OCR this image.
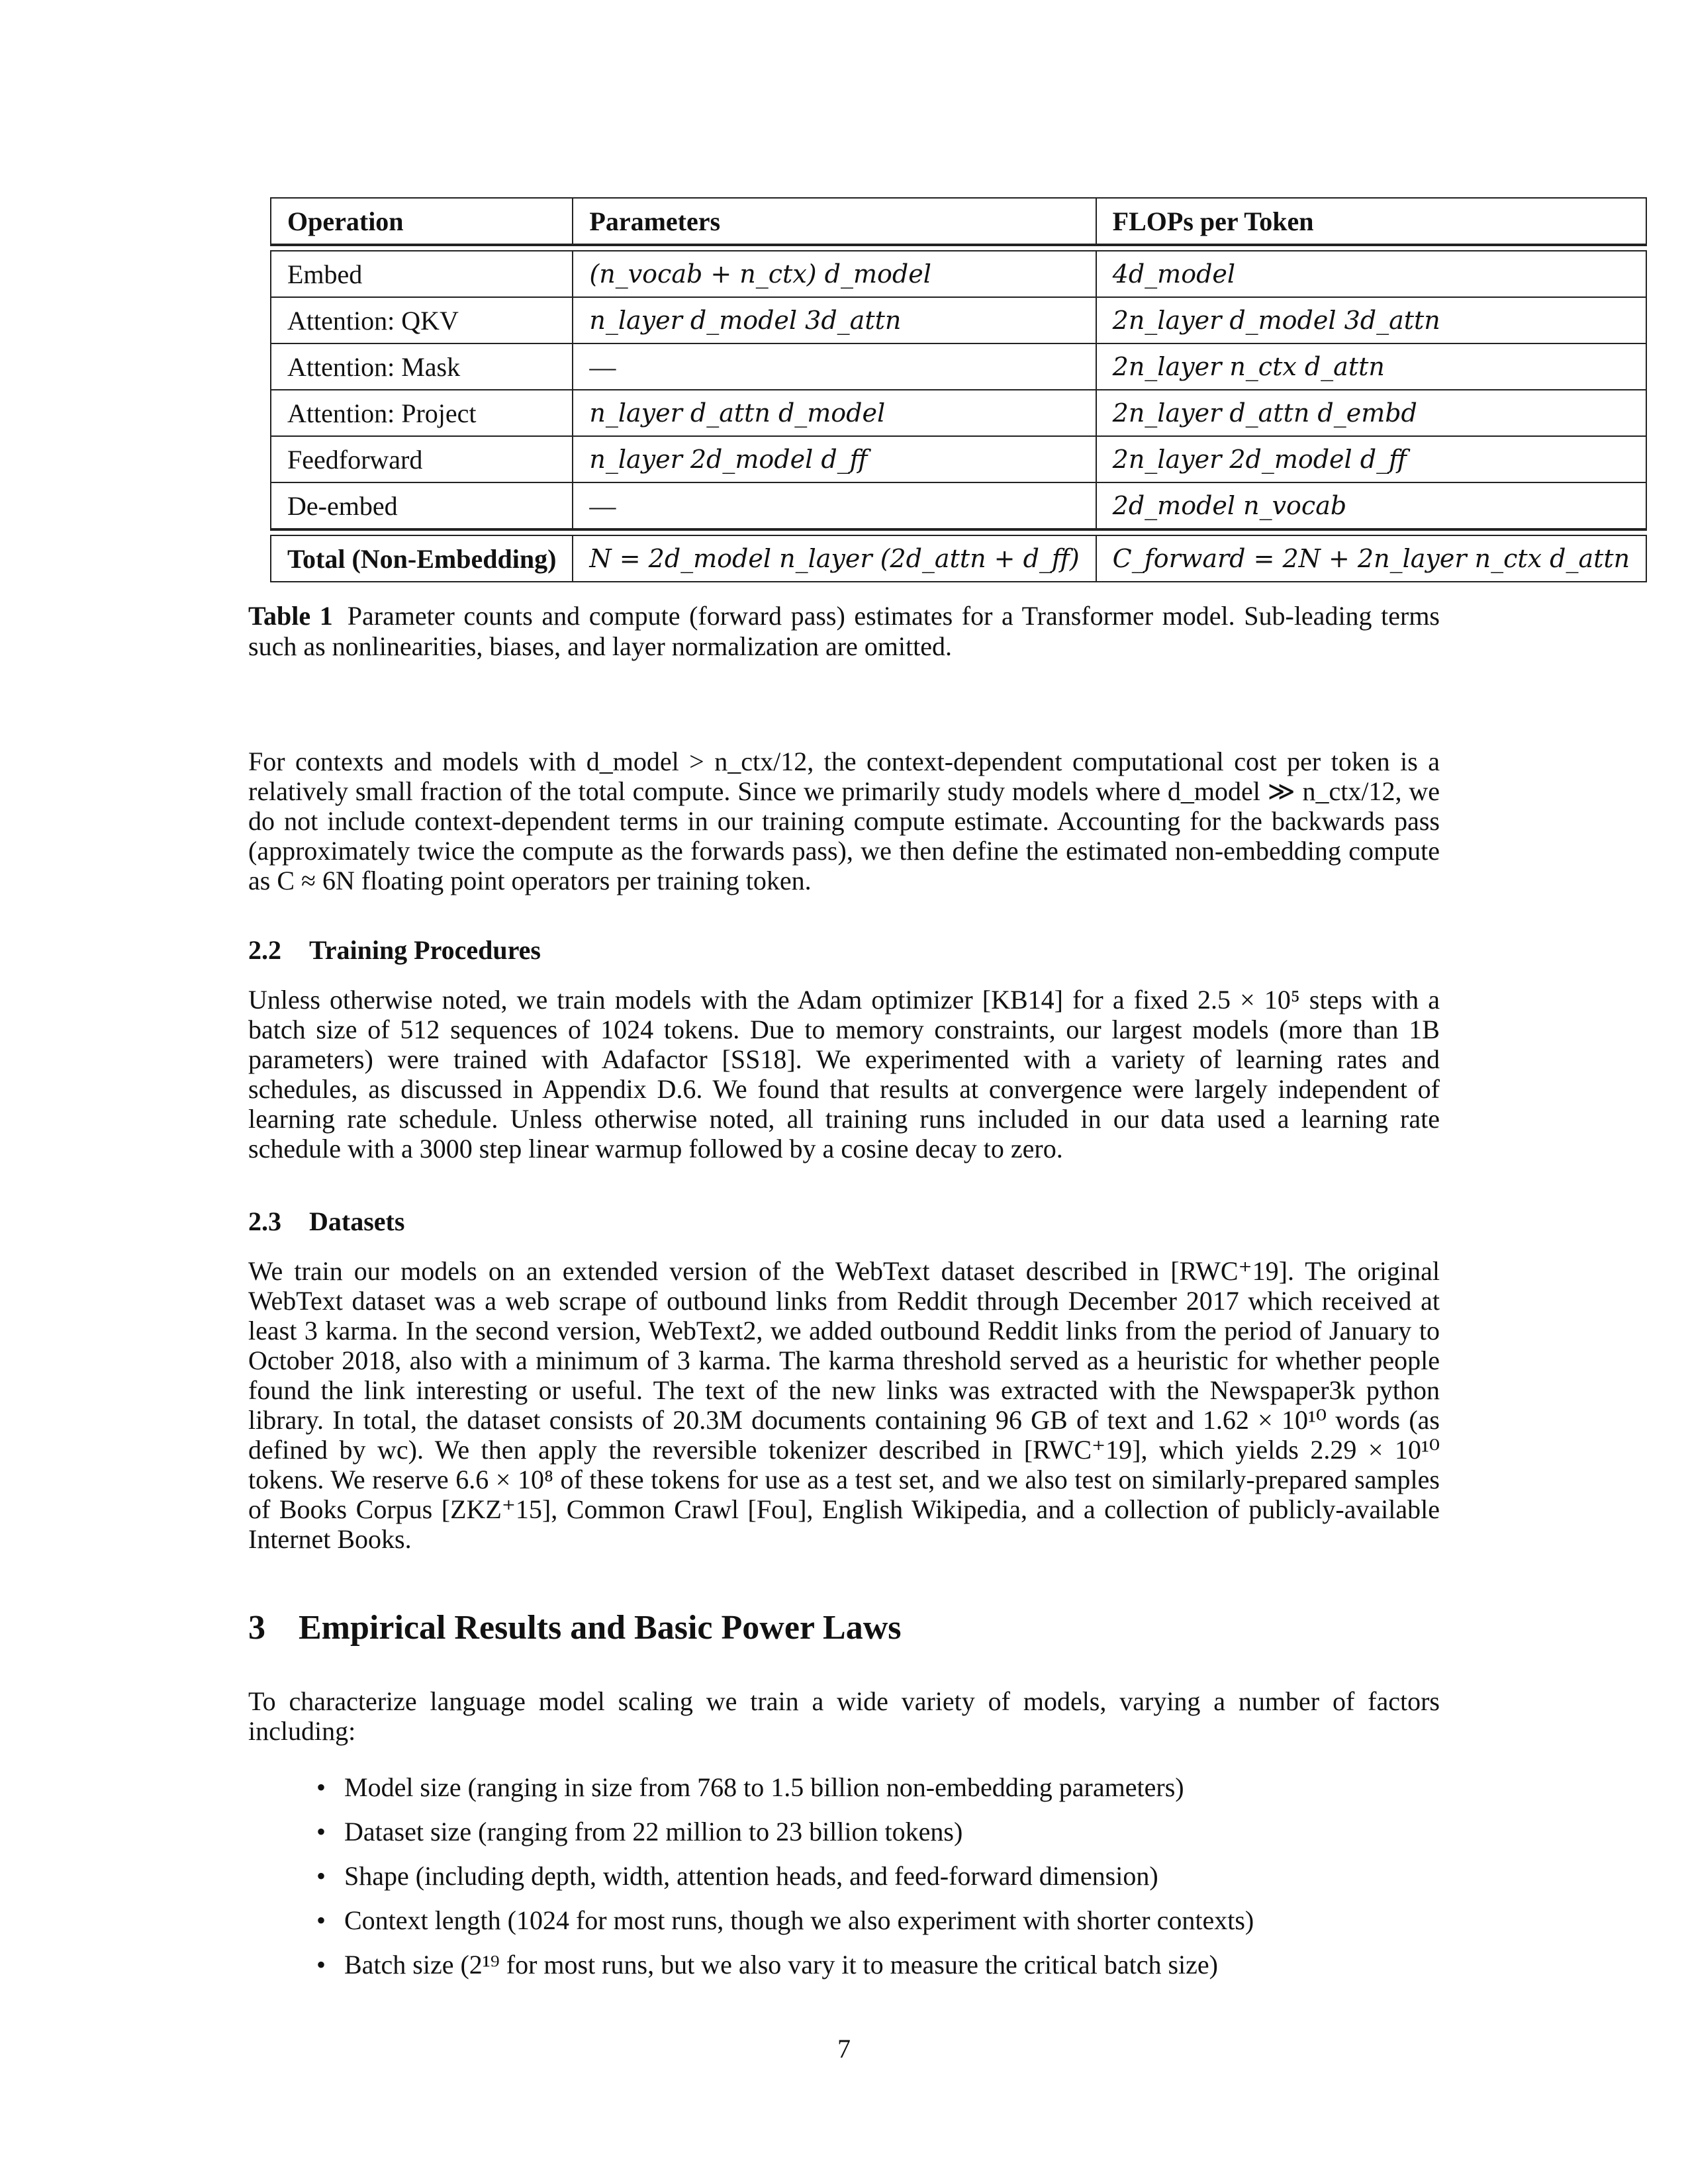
Operation	Parameters	FLOPs per Token

Embed	(n_vocab + n_ctx) d_model	4d_model
Attention: QKV	n_layer d_model 3d_attn	2n_layer d_model 3d_attn
Attention: Mask	—	2n_layer n_ctx d_attn
Attention: Project	n_layer d_attn d_model	2n_layer d_attn d_embd
Feedforward	n_layer 2d_model d_ff	2n_layer 2d_model d_ff
De-embed	—	2d_model n_vocab

Total (Non-Embedding)	N = 2d_model n_layer (2d_attn + d_ff)	C_forward = 2N + 2n_layer n_ctx d_attn
Table 1 Parameter counts and compute (forward pass) estimates for a Transformer model. Sub-leading terms such as nonlinearities, biases, and layer normalization are omitted.
For contexts and models with d_model > n_ctx/12, the context-dependent computational cost per token is a relatively small fraction of the total compute. Since we primarily study models where d_model ≫ n_ctx/12, we do not include context-dependent terms in our training compute estimate. Accounting for the backwards pass (approximately twice the compute as the forwards pass), we then define the estimated non-embedding compute as C ≈ 6N floating point operators per training token.
2.2 Training Procedures
Unless otherwise noted, we train models with the Adam optimizer [KB14] for a fixed 2.5 × 10⁵ steps with a batch size of 512 sequences of 1024 tokens. Due to memory constraints, our largest models (more than 1B parameters) were trained with Adafactor [SS18]. We experimented with a variety of learning rates and schedules, as discussed in Appendix D.6. We found that results at convergence were largely independent of learning rate schedule. Unless otherwise noted, all training runs included in our data used a learning rate schedule with a 3000 step linear warmup followed by a cosine decay to zero.
2.3 Datasets
We train our models on an extended version of the WebText dataset described in [RWC⁺19]. The original WebText dataset was a web scrape of outbound links from Reddit through December 2017 which received at least 3 karma. In the second version, WebText2, we added outbound Reddit links from the period of January to October 2018, also with a minimum of 3 karma. The karma threshold served as a heuristic for whether people found the link interesting or useful. The text of the new links was extracted with the Newspaper3k python library. In total, the dataset consists of 20.3M documents containing 96 GB of text and 1.62 × 10¹⁰ words (as defined by wc). We then apply the reversible tokenizer described in [RWC⁺19], which yields 2.29 × 10¹⁰ tokens. We reserve 6.6 × 10⁸ of these tokens for use as a test set, and we also test on similarly-prepared samples of Books Corpus [ZKZ⁺15], Common Crawl [Fou], English Wikipedia, and a collection of publicly-available Internet Books.
3 Empirical Results and Basic Power Laws
To characterize language model scaling we train a wide variety of models, varying a number of factors including:
• Model size (ranging in size from 768 to 1.5 billion non-embedding parameters)
• Dataset size (ranging from 22 million to 23 billion tokens)
• Shape (including depth, width, attention heads, and feed-forward dimension)
• Context length (1024 for most runs, though we also experiment with shorter contexts)
• Batch size (2¹⁹ for most runs, but we also vary it to measure the critical batch size)
7
